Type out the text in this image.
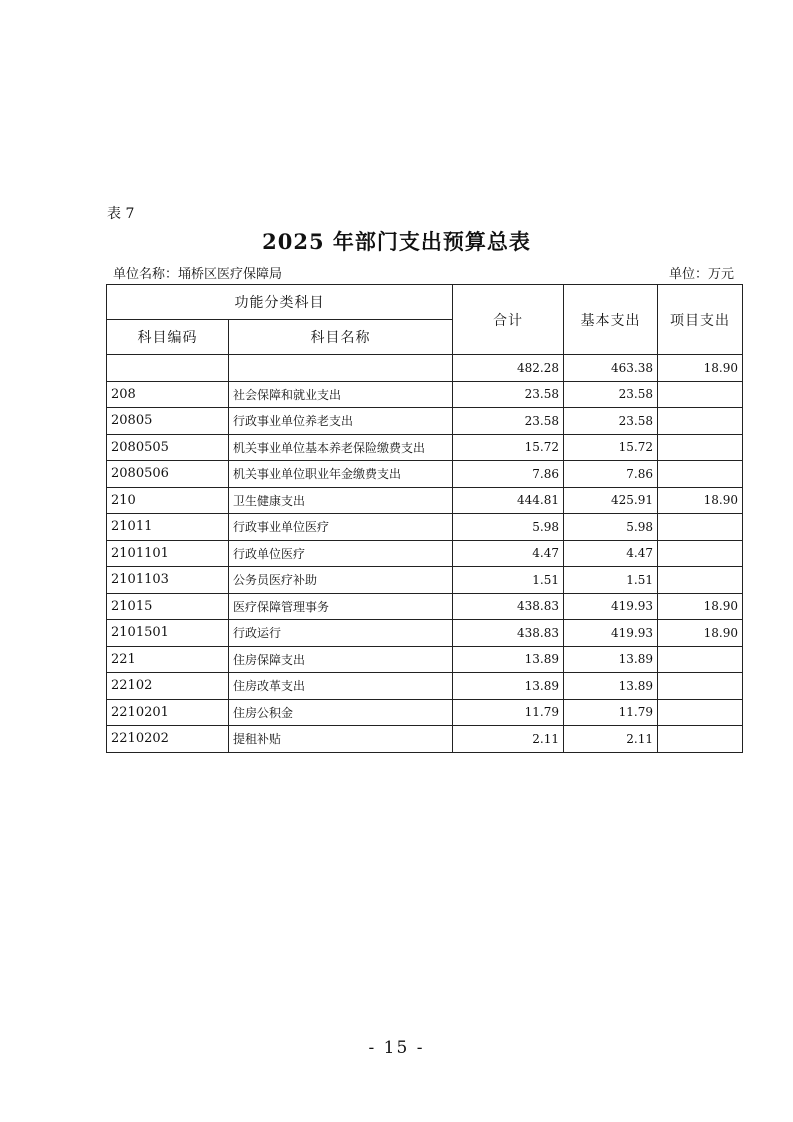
表 7
2025 年部门支出预算总表
单位名称：埇桥区医疗保障局	单位：万元
功能分类科目		合计	基本支出	项目支出
科目编码	科目名称			
		482.28	463.38	18.90
208	社会保障和就业支出	23.58	23.58	
20805	行政事业单位养老支出	23.58	23.58	
2080505	机关事业单位基本养老保险缴费支出	15.72	15.72	
2080506	机关事业单位职业年金缴费支出	7.86	7.86	
210	卫生健康支出	444.81	425.91	18.90
21011	行政事业单位医疗	5.98	5.98	
2101101	行政单位医疗	4.47	4.47	
2101103	公务员医疗补助	1.51	1.51	
21015	医疗保障管理事务	438.83	419.93	18.90
2101501	行政运行	438.83	419.93	18.90
221	住房保障支出	13.89	13.89	
22102	住房改革支出	13.89	13.89	
2210201	住房公积金	11.79	11.79	
2210202	提租补贴	2.11	2.11	
- 15 -
